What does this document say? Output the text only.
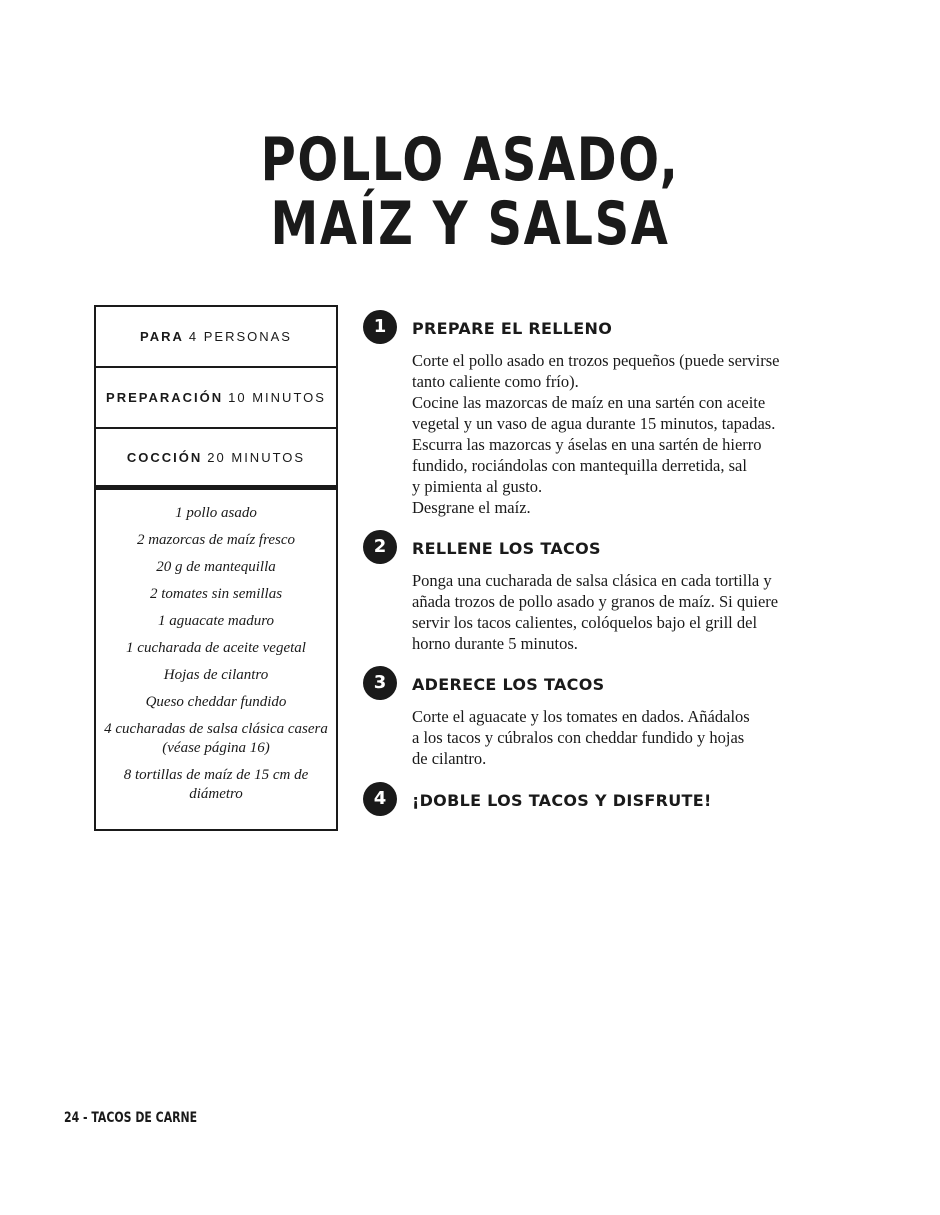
POLLO ASADO,
MAÍZ Y SALSA
PARA 4 PERSONAS
PREPARACIÓN 10 MINUTOS
COCCIÓN 20 MINUTOS
1 pollo asado
2 mazorcas de maíz fresco
20 g de mantequilla
2 tomates sin semillas
1 aguacate maduro
1 cucharada de aceite vegetal
Hojas de cilantro
Queso cheddar fundido
4 cucharadas de salsa clásica casera (véase página 16)
8 tortillas de maíz de 15 cm de diámetro
1	PREPARE EL RELLENO
Corte el pollo asado en trozos pequeños (puede servirse
tanto caliente como frío).
Cocine las mazorcas de maíz en una sartén con aceite
vegetal y un vaso de agua durante 15 minutos, tapadas.
Escurra las mazorcas y áselas en una sartén de hierro
fundido, rociándolas con mantequilla derretida, sal
y pimienta al gusto.
Desgrane el maíz.
2	RELLENE LOS TACOS
Ponga una cucharada de salsa clásica en cada tortilla y
añada trozos de pollo asado y granos de maíz. Si quiere
servir los tacos calientes, colóquelos bajo el grill del
horno durante 5 minutos.
3	ADERECE LOS TACOS
Corte el aguacate y los tomates en dados. Añádalos
a los tacos y cúbralos con cheddar fundido y hojas
de cilantro.
4	¡DOBLE LOS TACOS Y DISFRUTE!
24 - TACOS DE CARNE
